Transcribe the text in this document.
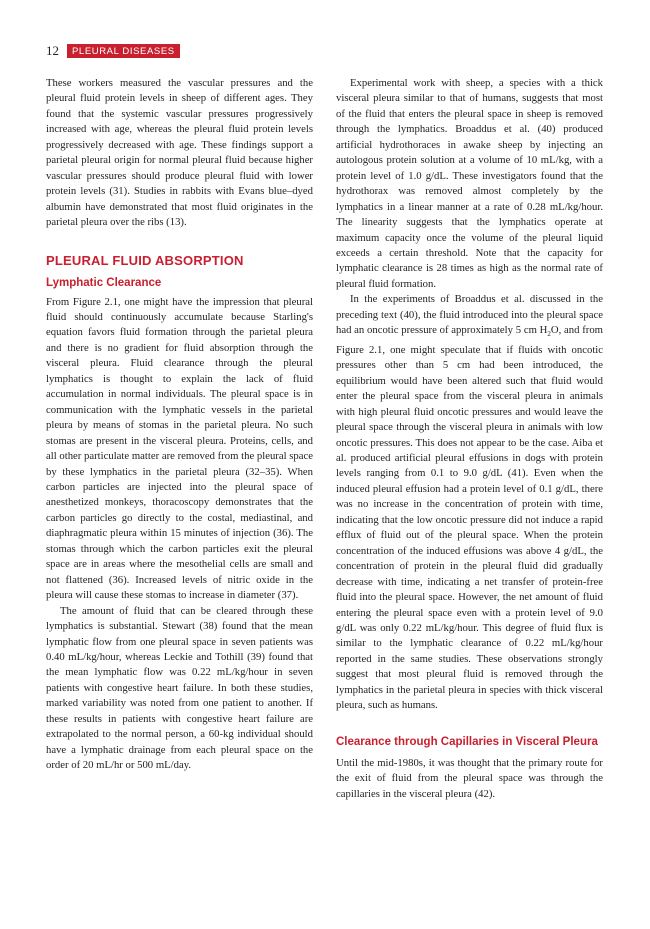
12	PLEURAL DISEASES

These workers measured the vascular pressures and the pleural fluid protein levels in sheep of different ages. They found that the systemic vascular pressures progressively increased with age, whereas the pleural fluid protein levels progressively decreased with age. These findings support a parietal pleural origin for normal pleural fluid because higher vascular pressures should produce pleural fluid with lower protein levels (31). Studies in rabbits with Evans blue–dyed albumin have demonstrated that most fluid originates in the parietal pleura over the ribs (13).

PLEURAL FLUID ABSORPTION
Lymphatic Clearance

From Figure 2.1, one might have the impression that pleural fluid should continuously accumulate because Starling's equation favors fluid formation through the parietal pleura and there is no gradient for fluid absorption through the visceral pleura. Fluid clearance through the pleural lymphatics is thought to explain the lack of fluid accumulation in normal individuals. The pleural space is in communication with the lymphatic vessels in the parietal pleura by means of stomas in the parietal pleura. No such stomas are present in the visceral pleura. Proteins, cells, and all other particulate matter are removed from the pleural space by these lymphatics in the parietal pleura (32–35). When carbon particles are injected into the pleural space of anesthetized monkeys, thoracoscopy demonstrates that the carbon particles go directly to the costal, mediastinal, and diaphragmatic pleura within 15 minutes of injection (36). The stomas through which the carbon particles exit the pleural space are in areas where the mesothelial cells are small and not flattened (36). Increased levels of nitric oxide in the pleura will cause these stomas to increase in diameter (37).

The amount of fluid that can be cleared through these lymphatics is substantial. Stewart (38) found that the mean lymphatic flow from one pleural space in seven patients was 0.40 mL/kg/hour, whereas Leckie and Tothill (39) found that the mean lymphatic flow was 0.22 mL/kg/hour in seven patients with congestive heart failure. In both these studies, marked variability was noted from one patient to another. If these results in patients with congestive heart failure are extrapolated to the normal person, a 60-kg individual should have a lymphatic drainage from each pleural space on the order of 20 mL/hr or 500 mL/day.

Experimental work with sheep, a species with a thick visceral pleura similar to that of humans, suggests that most of the fluid that enters the pleural space in sheep is removed through the lymphatics. Broaddus et al. (40) produced artificial hydrothoraces in awake sheep by injecting an autologous protein solution at a volume of 10 mL/kg, with a protein level of 1.0 g/dL. These investigators found that the hydrothorax was removed almost completely by the lymphatics in a linear manner at a rate of 0.28 mL/kg/hour. The linearity suggests that the lymphatics operate at maximum capacity once the volume of the pleural liquid exceeds a certain threshold. Note that the capacity for lymphatic clearance is 28 times as high as the normal rate of pleural fluid formation.

In the experiments of Broaddus et al. discussed in the preceding text (40), the fluid introduced into the pleural space had an oncotic pressure of approximately 5 cm $H_2O$, and from Figure 2.1, one might speculate that if fluids with oncotic pressures other than 5 cm had been introduced, the equilibrium would have been altered such that fluid would enter the pleural space from the visceral pleura in animals with high pleural fluid oncotic pressures and would leave the pleural space through the visceral pleura in animals with low oncotic pressures. This does not appear to be the case. Aiba et al. produced artificial pleural effusions in dogs with protein levels ranging from 0.1 to 9.0 g/dL (41). Even when the induced pleural effusion had a protein level of 0.1 g/dL, there was no increase in the concentration of protein with time, indicating that the low oncotic pressure did not induce a rapid efflux of fluid out of the pleural space. When the protein concentration of the induced effusions was above 4 g/dL, the concentration of protein in the pleural fluid did gradually decrease with time, indicating a net transfer of protein-free fluid into the pleural space. However, the net amount of fluid entering the pleural space even with a protein level of 9.0 g/dL was only 0.22 mL/kg/hour. This degree of fluid flux is similar to the lymphatic clearance of 0.22 mL/kg/hour reported in the same studies. These observations strongly suggest that most pleural fluid is removed through the lymphatics in the parietal pleura in species with thick visceral pleura, such as humans.

Clearance through Capillaries in Visceral Pleura

Until the mid-1980s, it was thought that the primary route for the exit of fluid from the pleural space was through the capillaries in the visceral pleura (42).
